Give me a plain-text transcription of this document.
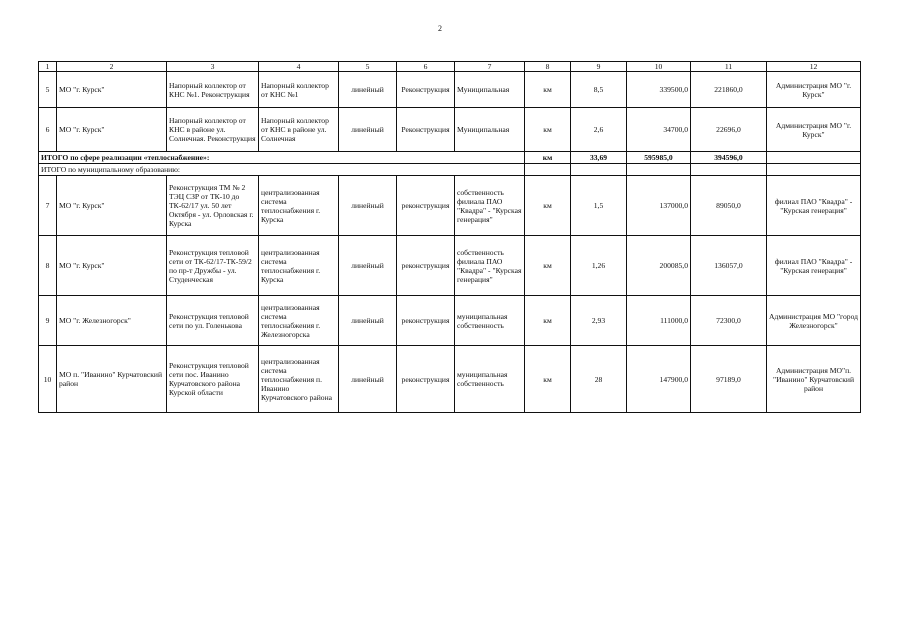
2
1	2	3	4	5	6	7	8	9	10	11	12
5	МО "г. Курск"	Напорный коллектор от КНС №1. Реконструкция	Напорный коллектор от КНС №1	линейный	Реконструкция	Муниципальная	км	8,5	339500,0	221860,0	Администрация МО "г. Курск"
6	МО "г. Курск"	Напорный коллектор от КНС в районе ул. Солнечная. Реконструкция	Напорный коллектор от КНС в районе ул. Солнечная	линейный	Реконструкция	Муниципальная	км	2,6	34700,0	22696,0	Администрация МО "г. Курск"
ИТОГО по сфере реализации «теплоснабжение»:							км	33,69	595985,0	394596,0	
ИТОГО по муниципальному образованию:											
7	МО "г. Курск"	Реконструкция ТМ № 2 ТЭЦ СЗР от ТК-10 до ТК-62/17 ул. 50 лет Октября - ул. Орловская г. Курска	централизованная система теплоснабжения г. Курска	линейный	реконструкция	собственность филиала ПАО "Квадра" - "Курская генерация"	км	1,5	137000,0	89050,0	филиал ПАО "Квадра" -"Курская генерация"
8	МО "г. Курск"	Реконструкция тепловой сети от ТК-62/17-ТК-59/2 по пр-т Дружбы - ул. Студенческая	централизованная система теплоснабжения г. Курска	линейный	реконструкция	собственность филиала ПАО "Квадра" - "Курская генерация"	км	1,26	200085,0	136057,0	филиал ПАО "Квадра" -"Курская генерация"
9	МО "г. Железногорск"	Реконструкция тепловой сети по ул. Голенькова	централизованная система теплоснабжения г. Железногорска	линейный	реконструкция	муниципальная собственность	км	2,93	111000,0	72300,0	Администрация МО "город Железногорск"
10	МО п. "Иванино" Курчатовский район	Реконструкция тепловой сети пос. Иванино Курчатовского района Курской области	централизованная система теплоснабжения п. Иванино Курчатовского района	линейный	реконструкция	муниципальная собственность	км	28	147900,0	97189,0	Администрация МО"п. "Иванино" Курчатовский район
